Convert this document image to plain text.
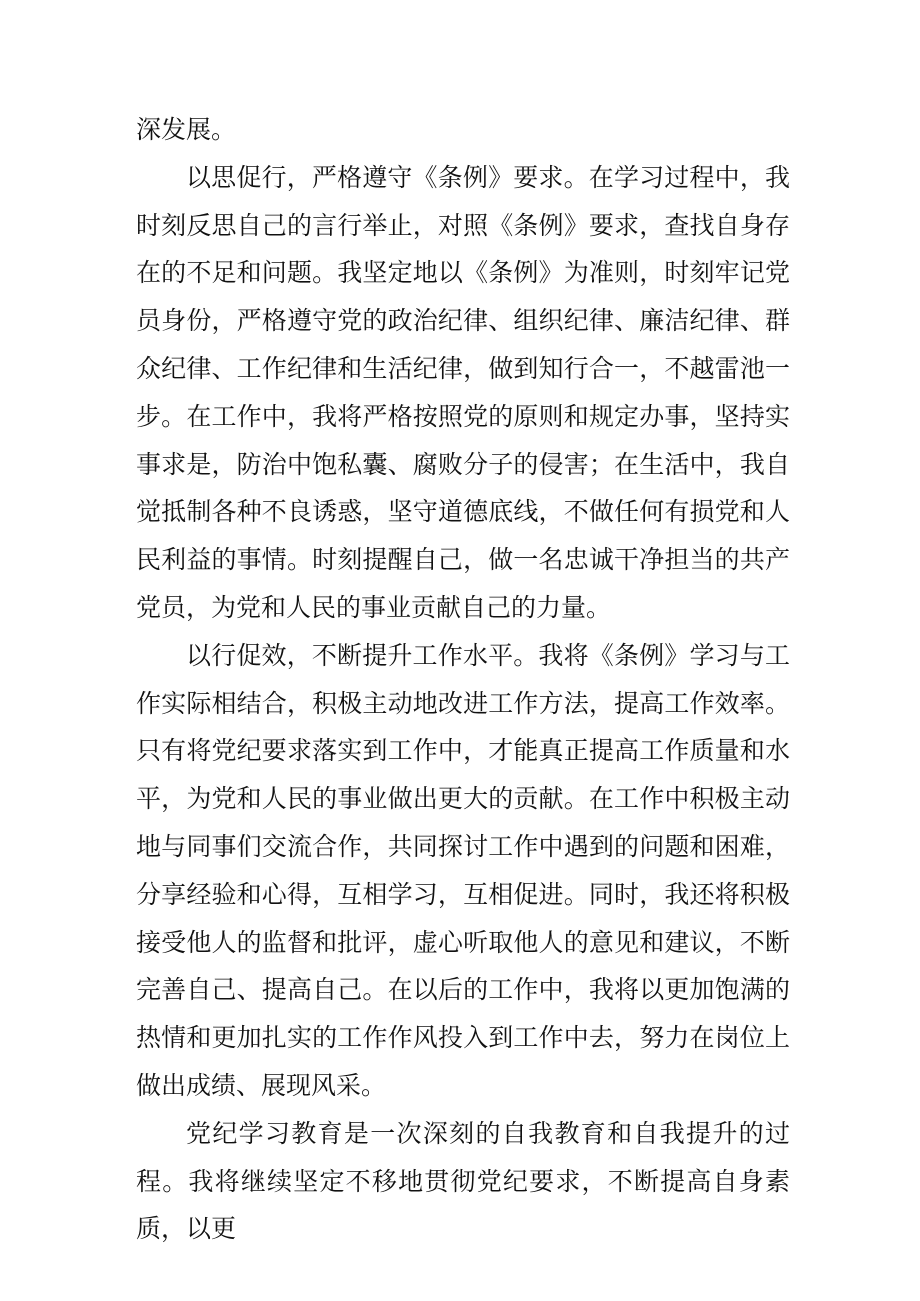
深发展。

以思促行，严格遵守《条例》要求。在学习过程中，我时刻反思自己的言行举止，对照《条例》要求，查找自身存在的不足和问题。我坚定地以《条例》为准则，时刻牢记党员身份，严格遵守党的政治纪律、组织纪律、廉洁纪律、群众纪律、工作纪律和生活纪律，做到知行合一，不越雷池一步。在工作中，我将严格按照党的原则和规定办事，坚持实事求是，防治中饱私囊、腐败分子的侵害；在生活中，我自觉抵制各种不良诱惑，坚守道德底线，不做任何有损党和人民利益的事情。时刻提醒自己，做一名忠诚干净担当的共产党员，为党和人民的事业贡献自己的力量。

以行促效，不断提升工作水平。我将《条例》学习与工作实际相结合，积极主动地改进工作方法，提高工作效率。只有将党纪要求落实到工作中，才能真正提高工作质量和水平，为党和人民的事业做出更大的贡献。在工作中积极主动地与同事们交流合作，共同探讨工作中遇到的问题和困难，分享经验和心得，互相学习，互相促进。同时，我还将积极接受他人的监督和批评，虚心听取他人的意见和建议，不断完善自己、提高自己。在以后的工作中，我将以更加饱满的热情和更加扎实的工作作风投入到工作中去，努力在岗位上做出成绩、展现风采。

党纪学习教育是一次深刻的自我教育和自我提升的过程。我将继续坚定不移地贯彻党纪要求，不断提高自身素质，以更
